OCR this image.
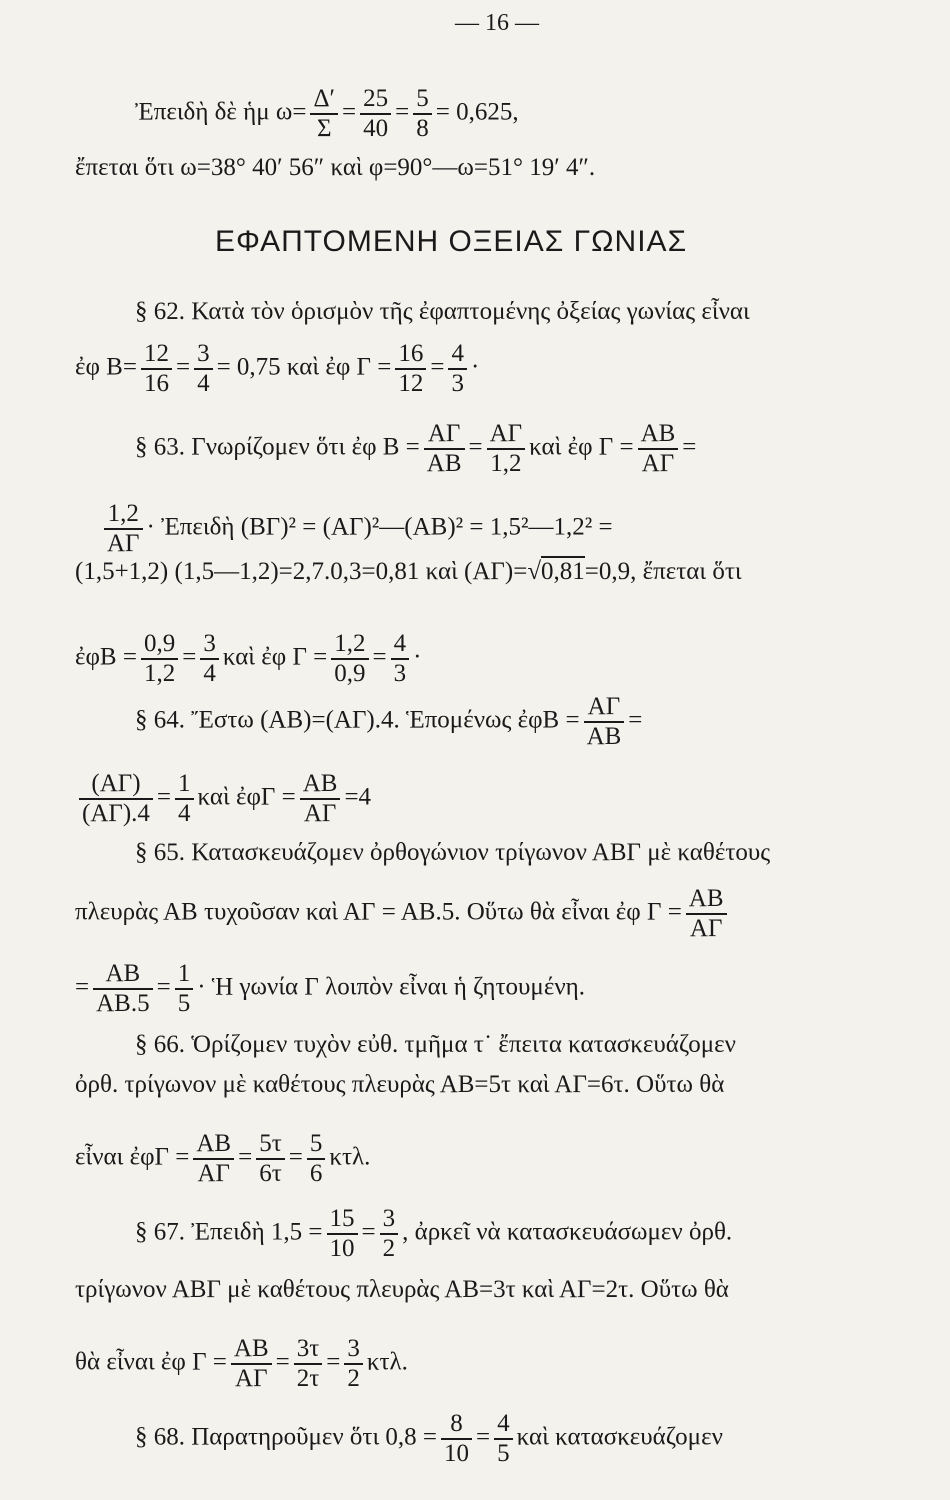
— 16 —
Ἐπειδὴ δὲ ἡμ $\omega= \frac{\Delta'}{\Sigma} = \frac{25}{40} = \frac{5}{8} = 0,625$,
ἔπεται ὅτι ω=38° 40′ 56″ καὶ φ=90°—ω=51° 19′ 4″.
ΕΦΑΠΤΟΜΕΝΗ ΟΞΕΙΑΣ ΓΩΝΙΑΣ
§ 62. Κατὰ τὸν ὁρισμὸν τῆς ἐφαπτομένης ὀξείας γωνίας εἶναι
ἐφ $B= \frac{12}{16} = \frac{3}{4} = 0,75$ καὶ ἐφ $\Gamma = \frac{16}{12} = \frac{4}{3}$ ·
§ 63. Γνωρίζομεν ὅτι ἐφ $B = \frac{A\Gamma}{AB} = \frac{A\Gamma}{1,2}$ καὶ ἐφ $\Gamma = \frac{AB}{A\Gamma}$ =
$\frac{1,2}{A\Gamma}$ · Ἐπειδὴ (ΒΓ)² = (ΑΓ)²—(ΑΒ)² = 1,5²—1,2² =
(1,5+1,2) (1,5—1,2)=2,7.0,3=0,81 καὶ (ΑΓ)=√0,81=0,9, ἔπεται ὅτι
ἐφΒ = $\frac{0,9}{1,2} = \frac{3}{4}$ καὶ ἐφ $\Gamma = \frac{1,2}{0,9} = \frac{4}{3}$ ·
§ 64. Ἔστω (ΑΒ)=(ΑΓ).4. Ἑπομένως ἐφΒ = $\frac{A\Gamma}{AB}$ =
$\frac{(A\Gamma)}{(A\Gamma).4} = \frac{1}{4}$ καὶ ἐφΓ = $\frac{AB}{A\Gamma} =4$
§ 65. Κατασκευάζομεν ὀρθογώνιον τρίγωνον ΑΒΓ μὲ καθέτους
πλευρὰς ΑΒ τυχοῦσαν καὶ ΑΓ = ΑΒ.5. Οὕτω θὰ εἶναι ἐφ $\Gamma = \frac{AB}{A\Gamma}$
= $\frac{AB}{AB.5} = \frac{1}{5}$ · Ἡ γωνία Γ λοιπὸν εἶναι ἡ ζητουμένη.
§ 66. Ὁρίζομεν τυχὸν εὐθ. τμῆμα τ˙ ἔπειτα κατασκευάζομεν
ὀρθ. τρίγωνον μὲ καθέτους πλευρὰς ΑΒ=5τ καὶ ΑΓ=6τ. Οὕτω θὰ
εἶναι ἐφΓ = $\frac{AB}{A\Gamma} = \frac{5\tau}{6\tau} = \frac{5}{6} \kappa\tau\lambda$.
§ 67. Ἐπειδὴ $1,5 = \frac{15}{10} = \frac{3}{2}$ , ἀρκεῖ νὰ κατασκευάσωμεν ὀρθ.
τρίγωνον ΑΒΓ μὲ καθέτους πλευρὰς ΑΒ=3τ καὶ ΑΓ=2τ. Οὕτω θὰ
θὰ εἶναι ἐφ $\Gamma = \frac{AB}{A\Gamma} = \frac{3\tau}{2\tau} = \frac{3}{2} \kappa\tau\lambda$.
§ 68. Παρατηροῦμεν ὅτι $0,8 = \frac{8}{10} = \frac{4}{5}$ καὶ κατασκευάζομεν
